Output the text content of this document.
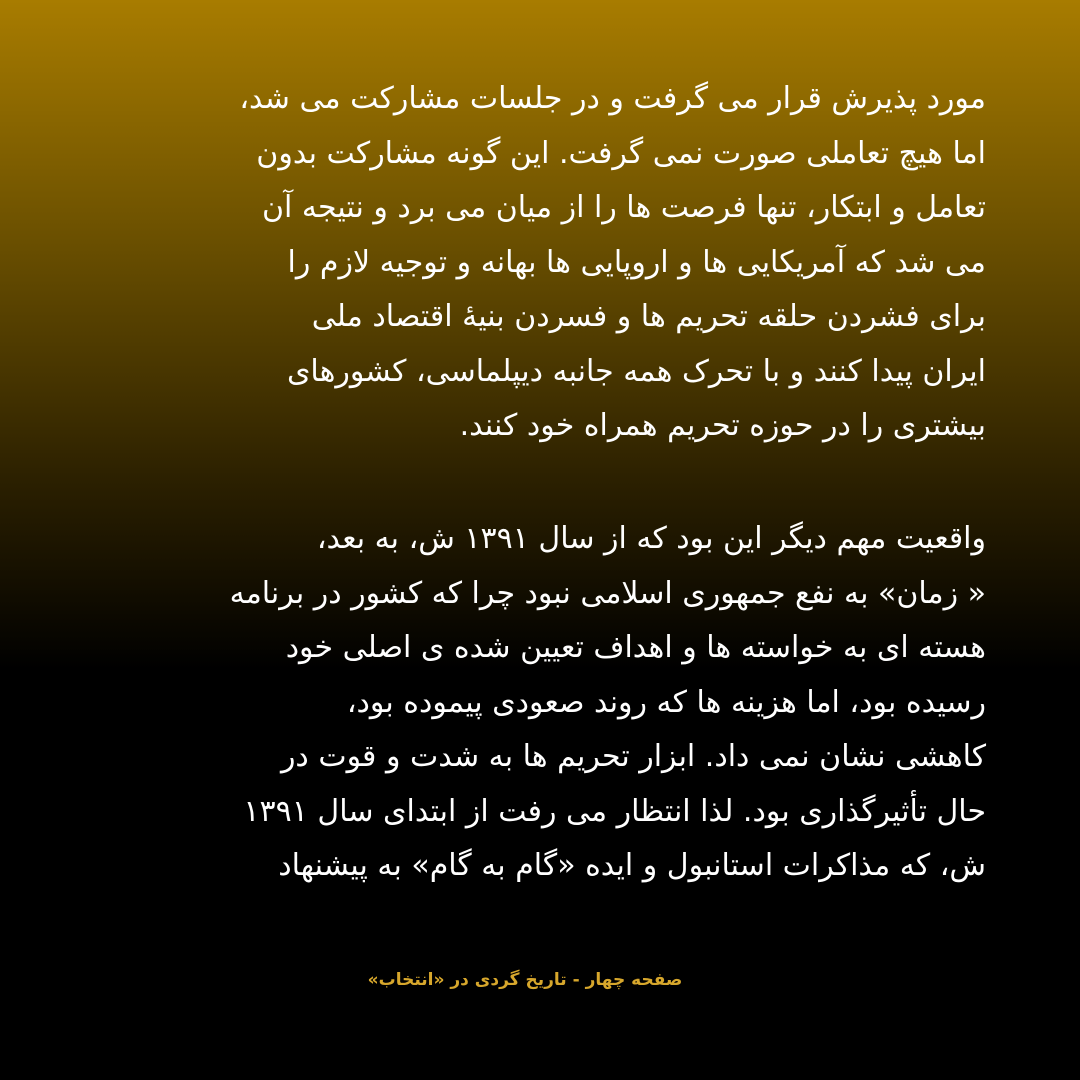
مورد پذیرش قرار می گرفت و در جلسات مشارکت می شد،
اما هیچ تعاملی صورت نمی گرفت. این گونه مشارکت بدون
تعامل و ابتکار، تنها فرصت ها را از میان می برد و نتیجه آن
می شد که آمریکایی ها و اروپایی ها بهانه و توجیه لازم را
برای فشردن حلقه تحریم ها و فسردن بنیۀ اقتصاد ملی
ایران پیدا کنند و با تحرک همه جانبه دیپلماسی، کشورهای
بیشتری را در حوزه تحریم همراه خود کنند.
واقعیت مهم دیگر این بود که از سال ۱۳۹۱ ش، به بعد،
« زمان» به نفع جمهوری اسلامی نبود چرا که کشور در برنامه
هسته ای به خواسته ها و اهداف تعیین شده ی اصلی خود
رسیده بود، اما هزینه ها که روند صعودی پیموده بود،
کاهشی نشان نمی داد. ابزار تحریم ها به شدت و قوت در
حال تأثیرگذاری بود. لذا انتظار می رفت از ابتدای سال ۱۳۹۱
ش، که مذاکرات استانبول و ایده «گام به گام» به پیشنهاد
صفحه چهار - تاریخ گردی در «انتخاب»
